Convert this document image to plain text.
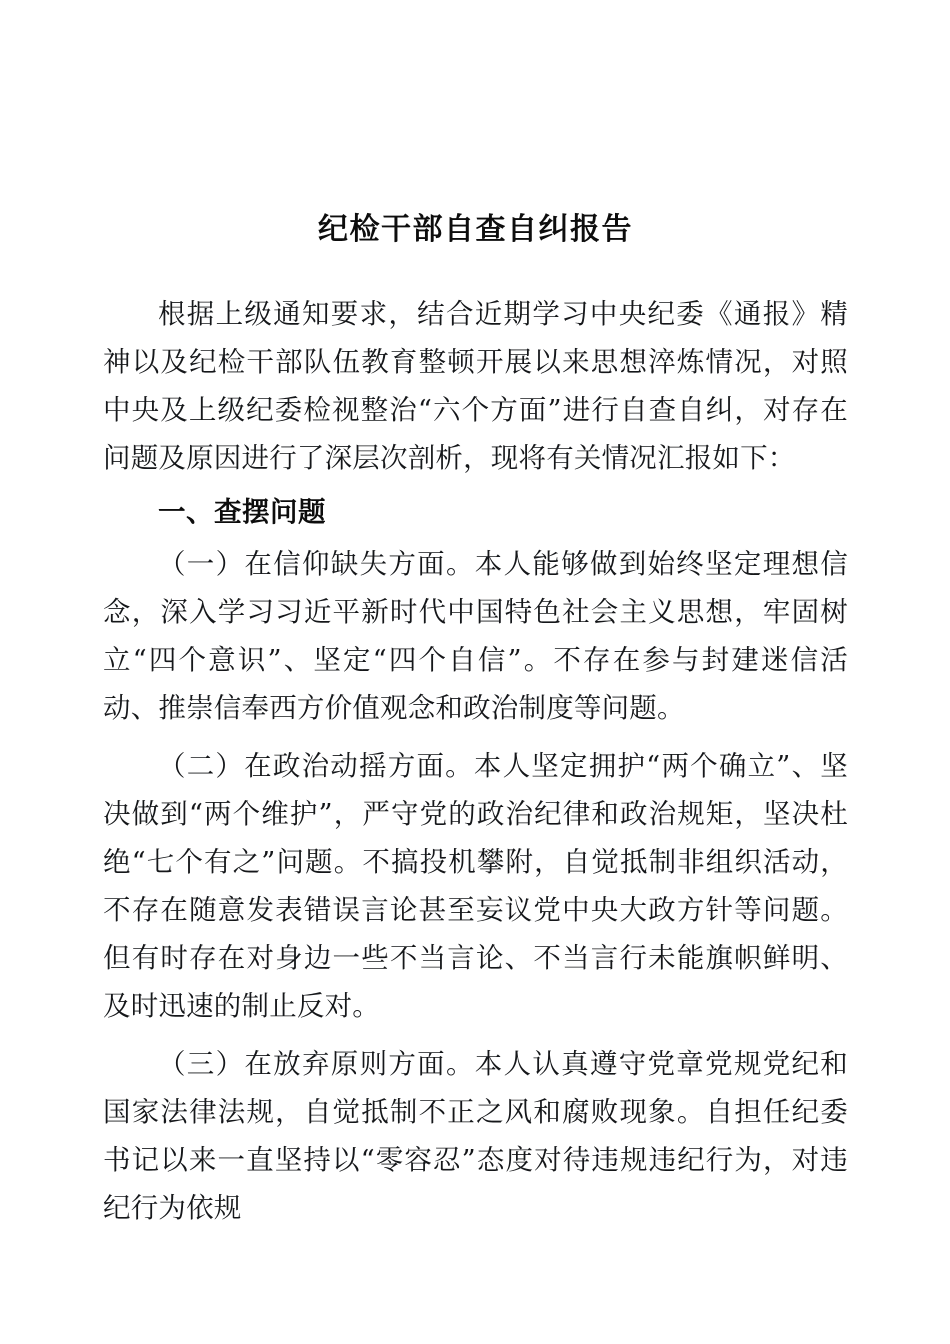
纪检干部自查自纠报告

根据上级通知要求，结合近期学习中央纪委《通报》精神以及纪检干部队伍教育整顿开展以来思想淬炼情况，对照中央及上级纪委检视整治“六个方面”进行自查自纠，对存在问题及原因进行了深层次剖析，现将有关情况汇报如下：

一、查摆问题

（一）在信仰缺失方面。本人能够做到始终坚定理想信念，深入学习习近平新时代中国特色社会主义思想，牢固树立“四个意识”、坚定“四个自信”。不存在参与封建迷信活动、推崇信奉西方价值观念和政治制度等问题。

（二）在政治动摇方面。本人坚定拥护“两个确立”、坚决做到“两个维护”，严守党的政治纪律和政治规矩，坚决杜绝“七个有之”问题。不搞投机攀附，自觉抵制非组织活动，不存在随意发表错误言论甚至妄议党中央大政方针等问题。但有时存在对身边一些不当言论、不当言行未能旗帜鲜明、及时迅速的制止反对。

（三）在放弃原则方面。本人认真遵守党章党规党纪和国家法律法规，自觉抵制不正之风和腐败现象。自担任纪委书记以来一直坚持以“零容忍”态度对待违规违纪行为，对违纪行为依规
